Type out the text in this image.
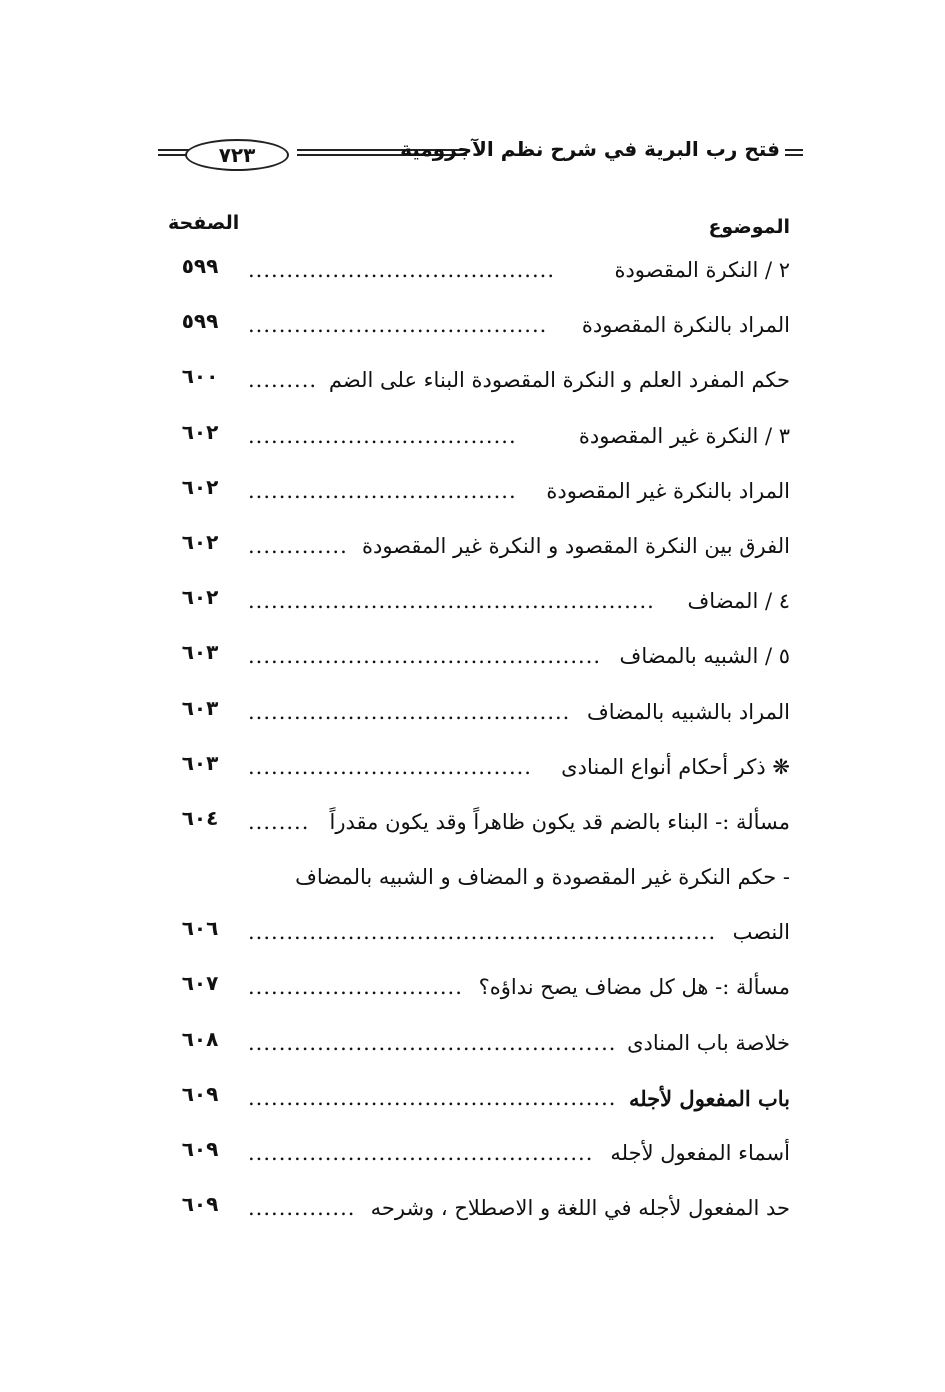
٧٢٣	فتح رب البرية في شرح نظم الآجرومية
الموضوع
الصفحة
٢ / النكرة المقصودة
........................................
٥٩٩
المراد بالنكرة المقصودة
.......................................
٥٩٩
حكم المفرد العلم و النكرة المقصودة البناء على الضم
.........
٦٠٠
٣ / النكرة غير المقصودة
...................................
٦٠٢
المراد بالنكرة غير المقصودة
...................................
٦٠٢
الفرق بين النكرة المقصود و النكرة غير المقصودة
.............
٦٠٢
٤ / المضاف
.....................................................
٦٠٢
٥ / الشبيه بالمضاف
..............................................
٦٠٣
المراد بالشبيه بالمضاف
..........................................
٦٠٣
❋ ذكر أحكام أنواع المنادى
.....................................
٦٠٣
مسألة :- البناء بالضم قد يكون ظاهراً وقد يكون مقدراً
........
٦٠٤
- حكم النكرة غير المقصودة و المضاف و الشبيه بالمضاف
النصب
.............................................................
٦٠٦
مسألة :- هل كل مضاف يصح نداؤه؟
............................
٦٠٧
خلاصة باب المنادى
................................................
٦٠٨
باب المفعول لأجله
................................................
٦٠٩
أسماء المفعول لأجله
.............................................
٦٠٩
حد المفعول لأجله في اللغة و الاصطلاح ، وشرحه
..............
٦٠٩
